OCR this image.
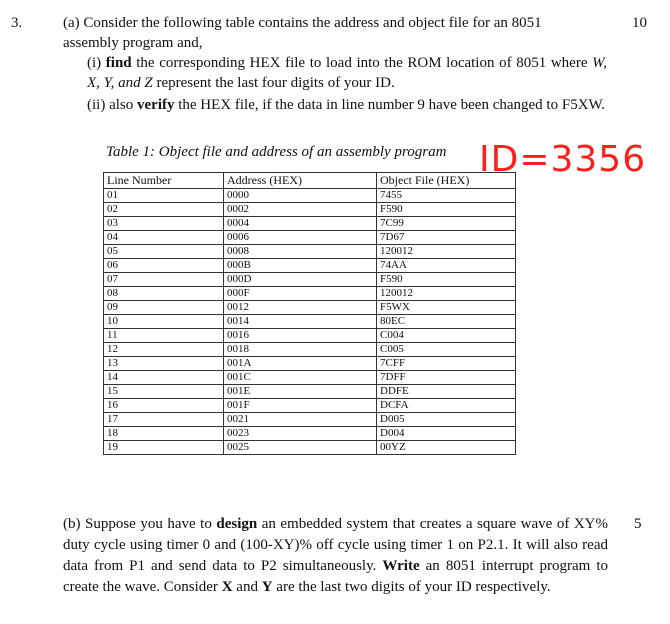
3.	10
(a) Consider the following table contains the address and object file for an 8051
assembly program and,
(i) find the corresponding HEX file to load into the ROM location of 8051 where W, X, Y, and Z represent the last four digits of your ID.
(ii) also verify the HEX file, if the data in line number 9 have been changed to F5XW.
Table 1: Object file and address of an assembly program ID=3356
Line Number	Address (HEX)	Object File (HEX)
01	0000	7455
02	0002	F590
03	0004	7C99
04	0006	7D67
05	0008	120012
06	000B	74AA
07	000D	F590
08	000F	120012
09	0012	F5WX
10	0014	80EC
11	0016	C004
12	0018	C005
13	001A	7CFF
14	001C	7DFF
15	001E	DDFE
16	001F	DCFA
17	0021	D005
18	0023	D004
19	0025	00YZ
5
(b) Suppose you have to design an embedded system that creates a square wave of XY% duty cycle using timer 0 and (100-XY)% off cycle using timer 1 on P2.1. It will also read data from P1 and send data to P2 simultaneously. Write an 8051 interrupt program to create the wave. Consider X and Y are the last two digits of your ID respectively.
